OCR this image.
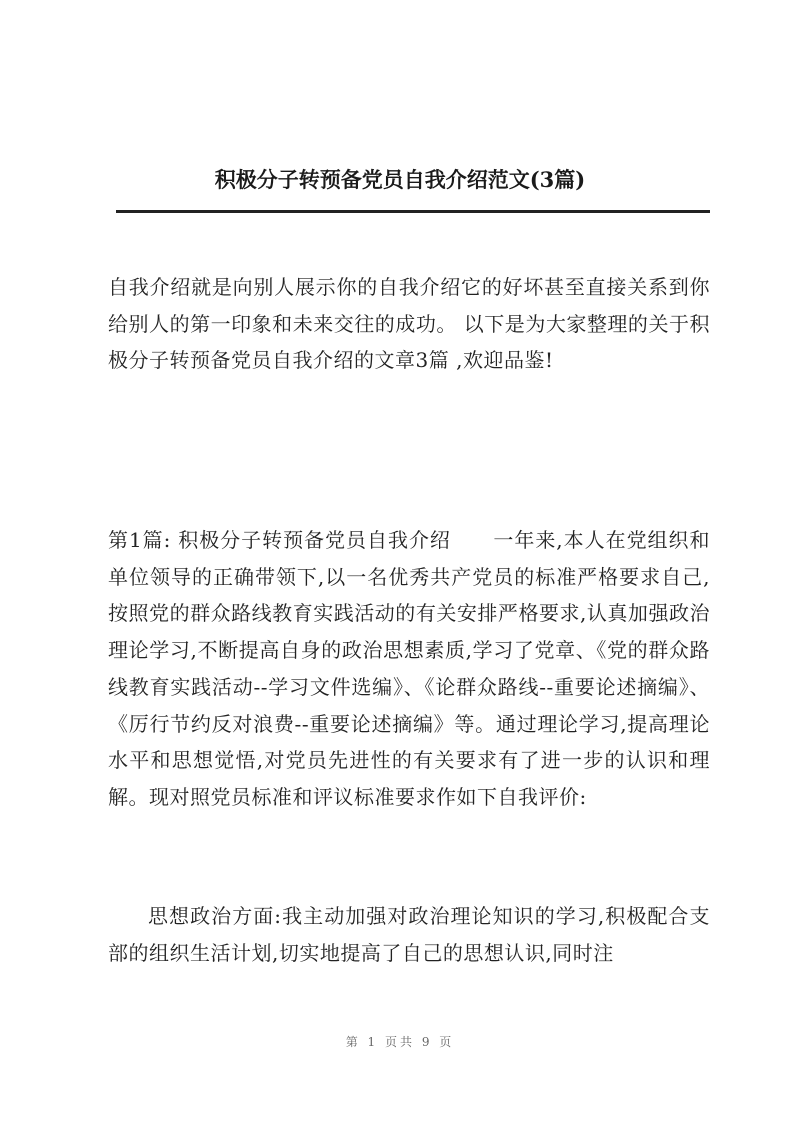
积极分子转预备党员自我介绍范文(3篇)

自我介绍就是向别人展示你的自我介绍它的好坏甚至直接关系到你给别人的第一印象和未来交往的成功。 以下是为大家整理的关于积极分子转预备党员自我介绍的文章3篇 ,欢迎品鉴!

第1篇: 积极分子转预备党员自我介绍 一年来,本人在党组织和单位领导的正确带领下,以一名优秀共产党员的标准严格要求自己,按照党的群众路线教育实践活动的有关安排严格要求,认真加强政治理论学习,不断提高自身的政治思想素质,学习了党章、《党的群众路线教育实践活动--学习文件选编》、《论群众路线--重要论述摘编》、《厉行节约反对浪费--重要论述摘编》等。通过理论学习,提高理论水平和思想觉悟,对党员先进性的有关要求有了进一步的认识和理解。现对照党员标准和评议标准要求作如下自我评价:

思想政治方面:我主动加强对政治理论知识的学习,积极配合支部的组织生活计划,切实地提高了自己的思想认识,同时注

第 1 页共 9 页
